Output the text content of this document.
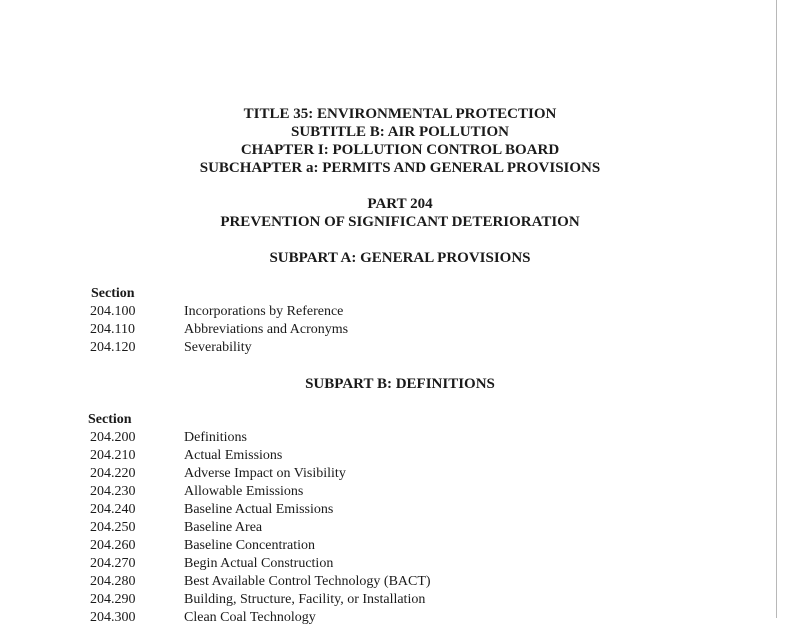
TITLE 35: ENVIRONMENTAL PROTECTION
SUBTITLE B: AIR POLLUTION
CHAPTER I: POLLUTION CONTROL BOARD
SUBCHAPTER a: PERMITS AND GENERAL PROVISIONS
PART 204
PREVENTION OF SIGNIFICANT DETERIORATION
SUBPART A: GENERAL PROVISIONS
Section
204.100	Incorporations by Reference
204.110	Abbreviations and Acronyms
204.120	Severability
SUBPART B: DEFINITIONS
Section
204.200	Definitions
204.210	Actual Emissions
204.220	Adverse Impact on Visibility
204.230	Allowable Emissions
204.240	Baseline Actual Emissions
204.250	Baseline Area
204.260	Baseline Concentration
204.270	Begin Actual Construction
204.280	Best Available Control Technology (BACT)
204.290	Building, Structure, Facility, or Installation
204.300	Clean Coal Technology
